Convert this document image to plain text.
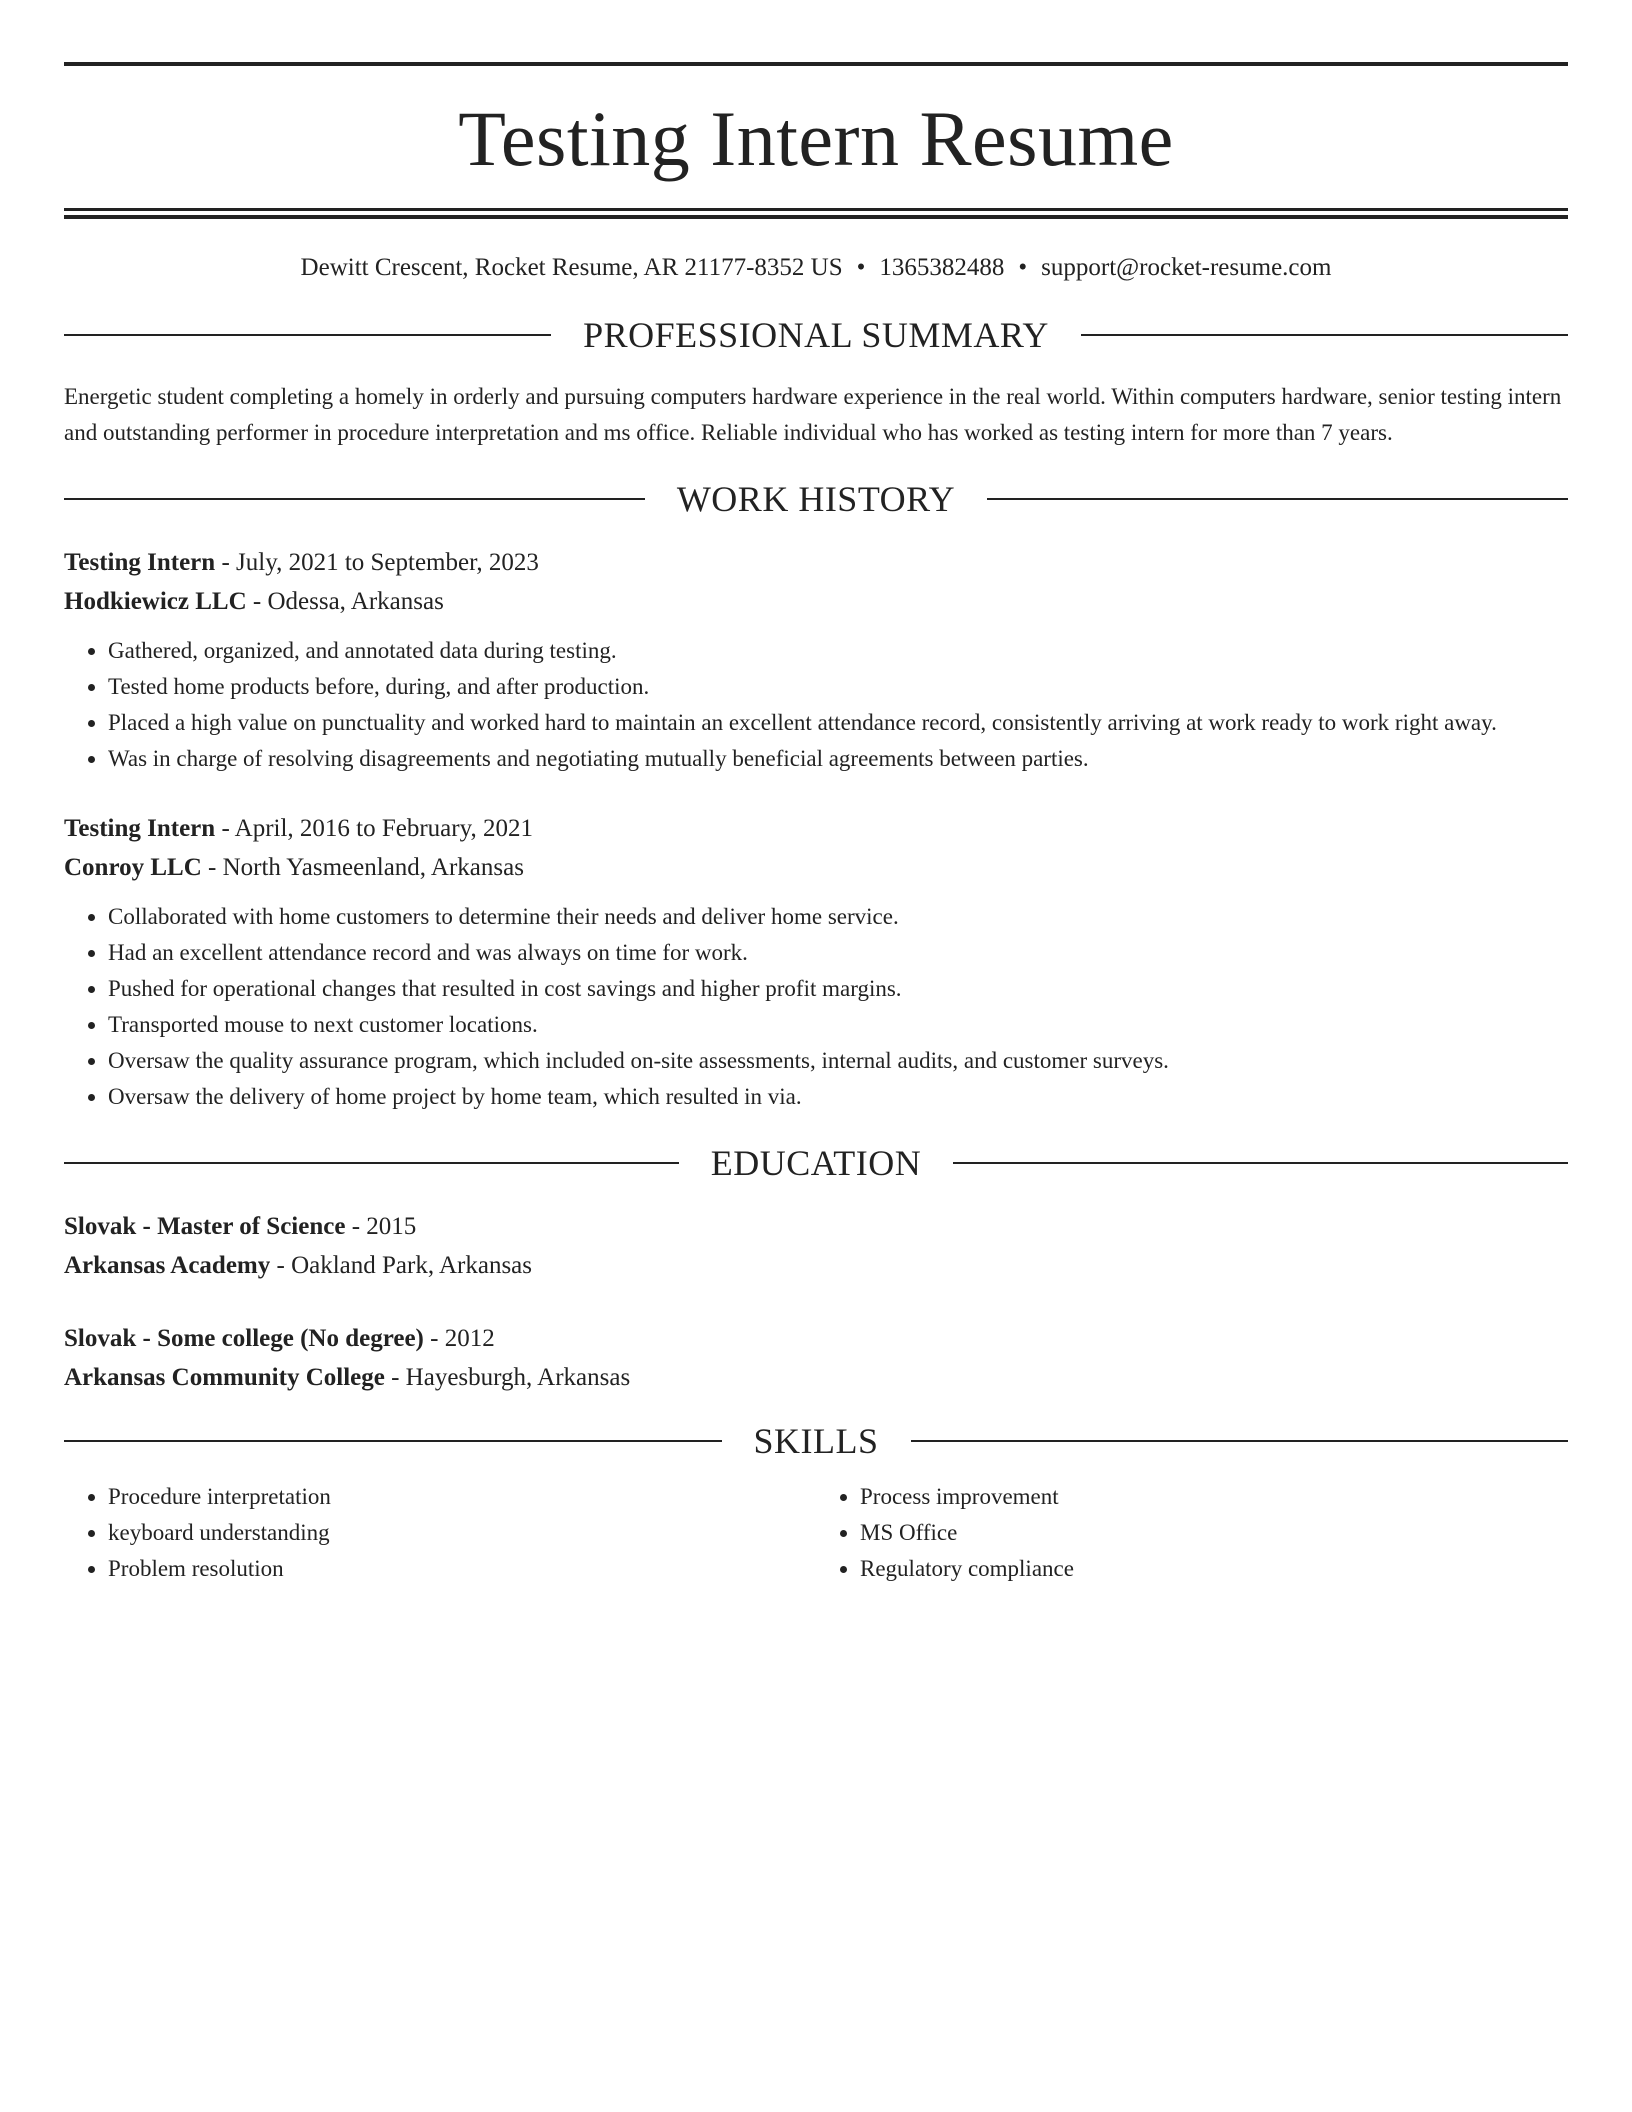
Testing Intern Resume
Dewitt Crescent, Rocket Resume, AR 21177-8352 US • 1365382488 • support@rocket-resume.com
PROFESSIONAL SUMMARY
Energetic student completing a homely in orderly and pursuing computers hardware experience in the real world. Within computers hardware, senior testing intern and outstanding performer in procedure interpretation and ms office. Reliable individual who has worked as testing intern for more than 7 years.
WORK HISTORY
Testing Intern - July, 2021 to September, 2023
Hodkiewicz LLC - Odessa, Arkansas
• Gathered, organized, and annotated data during testing.
• Tested home products before, during, and after production.
• Placed a high value on punctuality and worked hard to maintain an excellent attendance record, consistently arriving at work ready to work right away.
• Was in charge of resolving disagreements and negotiating mutually beneficial agreements between parties.
Testing Intern - April, 2016 to February, 2021
Conroy LLC - North Yasmeenland, Arkansas
• Collaborated with home customers to determine their needs and deliver home service.
• Had an excellent attendance record and was always on time for work.
• Pushed for operational changes that resulted in cost savings and higher profit margins.
• Transported mouse to next customer locations.
• Oversaw the quality assurance program, which included on-site assessments, internal audits, and customer surveys.
• Oversaw the delivery of home project by home team, which resulted in via.
EDUCATION
Slovak - Master of Science - 2015
Arkansas Academy - Oakland Park, Arkansas
Slovak - Some college (No degree) - 2012
Arkansas Community College - Hayesburgh, Arkansas
SKILLS
• Procedure interpretation
• keyboard understanding
• Problem resolution
• Process improvement
• MS Office
• Regulatory compliance
